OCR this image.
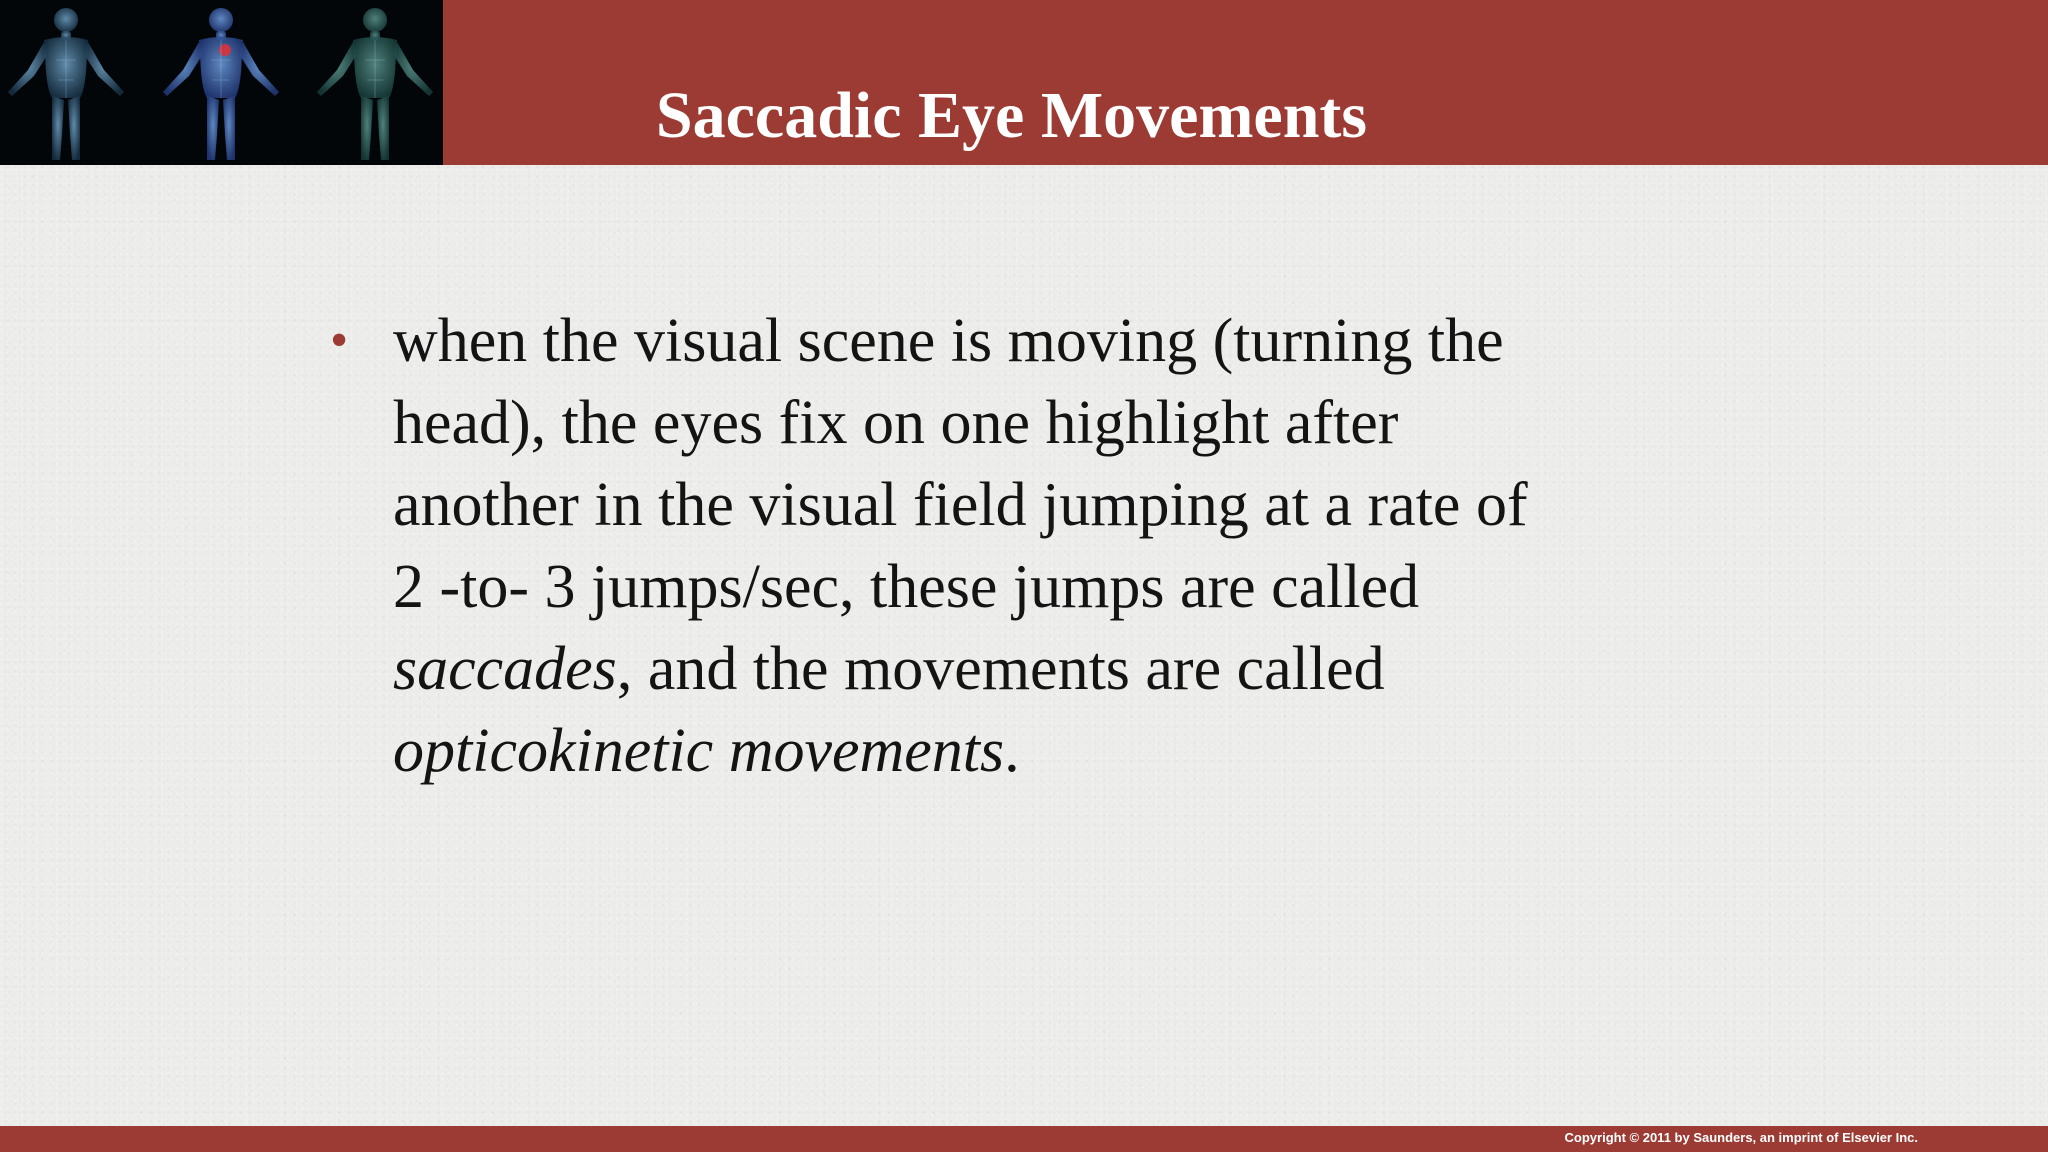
Saccadic Eye Movements
• when the visual scene is moving (turning the
head), the eyes fix on one highlight after
another in the visual field jumping at a rate of
2 -to- 3 jumps/sec, these jumps are called
saccades, and the movements are called
opticokinetic movements.
Copyright © 2011 by Saunders, an imprint of Elsevier Inc.
